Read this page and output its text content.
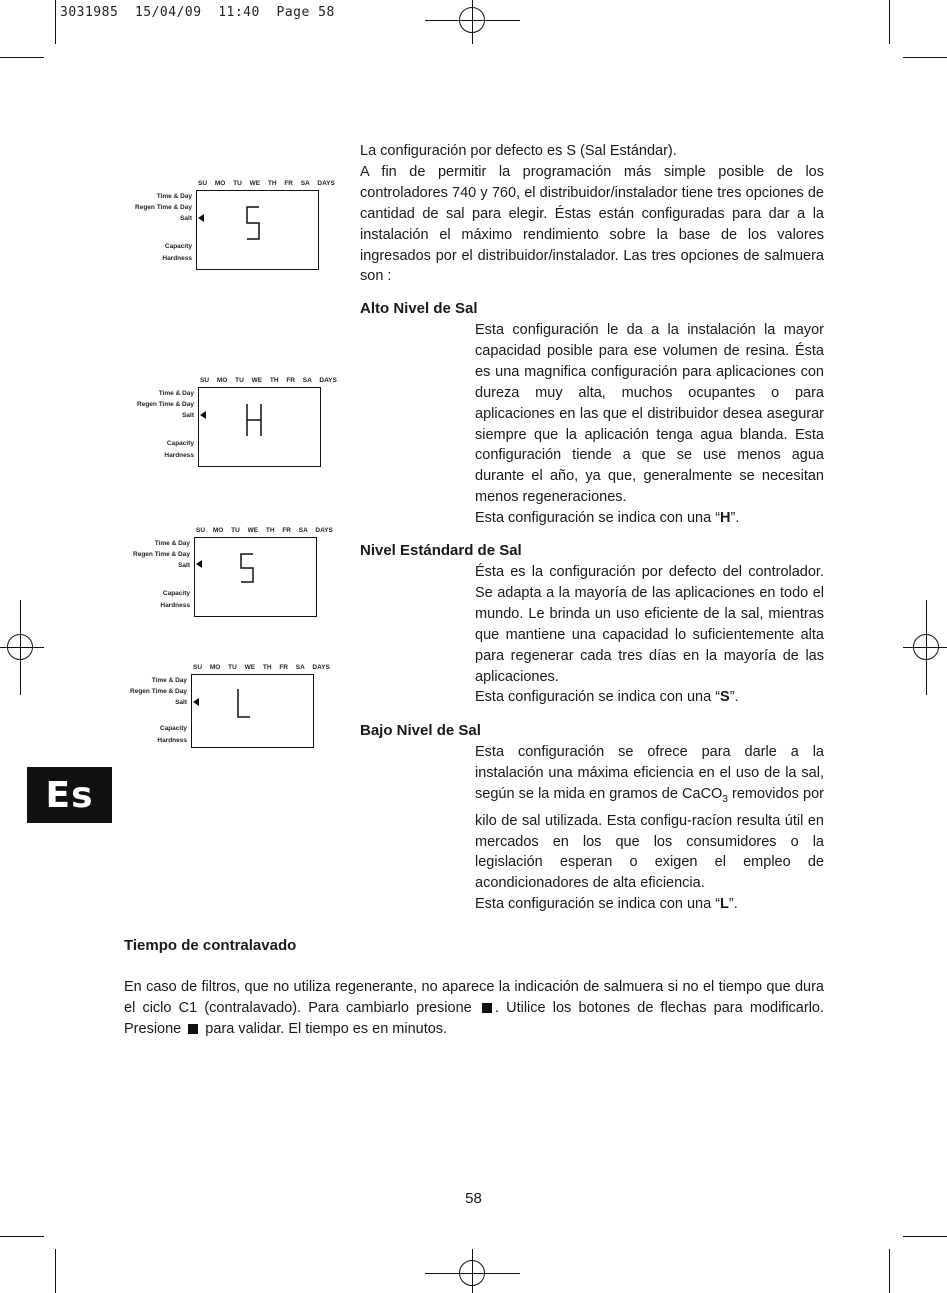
3031985  15/04/09  11:40  Page 58
Es

La configuración por defecto es S (Sal Estándar).

A fin de permitir la programación más simple posible de los controladores 740 y 760, el distribuidor/instalador tiene tres opciones de cantidad de sal para elegir. Éstas están configuradas para dar a la instalación el máximo rendimiento sobre la base de los valores ingresados por el distribuidor/instalador. Las tres opciones de salmuera son :

Alto Nivel de Sal

Esta configuración le da a la instalación la mayor capacidad posible para ese volumen de resina. Ésta es una magnifica configuración para aplicaciones con dureza muy alta, muchos ocupantes o para aplicaciones en las que el distribuidor desea asegurar siempre que la aplicación tenga agua blanda. Esta configuración tiende a que se use menos agua durante el año, ya que, generalmente se necesitan menos regeneraciones.

Esta configuración se indica con una “H”.

Nivel Estándard de Sal

Ésta es la configuración por defecto del controlador. Se adapta a la mayoría de las aplicaciones en todo el mundo. Le brinda un uso eficiente de la sal, mientras que mantiene una capacidad lo suficientemente alta para regenerar cada tres días en la mayoría de las aplicaciones.

Esta configuración se indica con una “S”.

Bajo Nivel de Sal

Esta configuración se ofrece para darle a la instalación una máxima eficiencia en el uso de la sal, según se la mida en gramos de CaCO$_3$ removidos por kilo de sal utilizada. Esta configu-racíon resulta útil en mercados en los que los consumidores o la legislación esperan o exigen el empleo de acondicionadores de alta eficiencia.

Esta configuración se indica con una “L”.

Tiempo de contralavado

En caso de filtros, que no utiliza regenerante, no aparece la indicación de salmuera si no el tiempo que dura el ciclo C1 (contralavado). Para cambiarlo presione . Utilice los botones de flechas para modificarlo. Presione para validar. El tiempo es en minutos.

58
SU MO TU WE TH FR SA DAYS
Time & Day
Regen Time & Day
Salt
Capacity
Hardness
SU MO TU WE TH FR SA DAYS
Time & Day
Regen Time & Day
Salt
Capacity
Hardness
SU MO TU WE TH FR SA DAYS
Time & Day
Regen Time & Day
Salt
Capacity
Hardness
SU MO TU WE TH FR SA DAYS
Time & Day
Regen Time & Day
Salt
Capacity
Hardness
